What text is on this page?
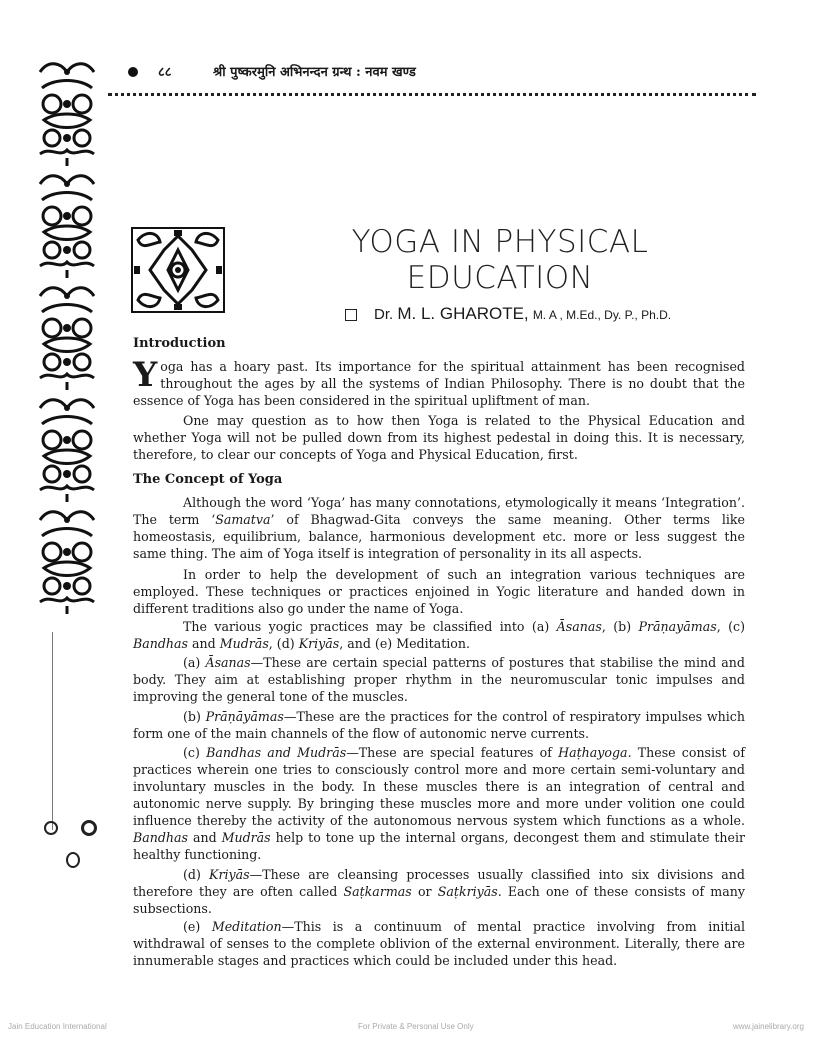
८८	श्री पुष्करमुनि अभिनन्दन ग्रन्थ : नवम खण्ड
YOGA IN PHYSICAL
EDUCATION
Dr. M. L. GHAROTE, M. A , M.Ed., Dy. P., Ph.D.
Introduction
Yoga has a hoary past. Its importance for the spiritual attainment has been recognised throughout the ages by all the systems of Indian Philosophy. There is no doubt that the essence of Yoga has been considered in the spiritual upliftment of man.
One may question as to how then Yoga is related to the Physical Education and whether Yoga will not be pulled down from its highest pedestal in doing this. It is necessary, therefore, to clear our concepts of Yoga and Physical Education, first.
The Concept of Yoga
Although the word ‘Yoga’ has many connotations, etymologically it means ‘Integration’. The term ‘Samatva’ of Bhagwad-Gita conveys the same meaning. Other terms like homeostasis, equilibrium, balance, harmonious development etc. more or less suggest the same thing. The aim of Yoga itself is integration of personality in its all aspects.
In order to help the development of such an integration various techniques are employed. These techniques or practices enjoined in Yogic literature and handed down in different traditions also go under the name of Yoga.
The various yogic practices may be classified into (a) Āsanas, (b) Prāṇayāmas, (c) Bandhas and Mudrās, (d) Kriyās, and (e) Meditation.
(a) Āsanas—These are certain special patterns of postures that stabilise the mind and body. They aim at establishing proper rhythm in the neuromuscular tonic impulses and improving the general tone of the muscles.
(b) Prāṇāyāmas—These are the practices for the control of respiratory impulses which form one of the main channels of the flow of autonomic nerve currents.
(c) Bandhas and Mudrās—These are special features of Haṭhayoga. These consist of practices wherein one tries to consciously control more and more certain semi-voluntary and involuntary muscles in the body. In these muscles there is an integration of central and autonomic nerve supply. By bringing these muscles more and more under volition one could influence thereby the activity of the autonomous nervous system which functions as a whole. Bandhas and Mudrās help to tone up the internal organs, decongest them and stimulate their healthy functioning.
(d) Kriyās—These are cleansing processes usually classified into six divisions and therefore they are often called Saṭkarmas or Saṭkriyās. Each one of these consists of many subsections.
(e) Meditation—This is a continuum of mental practice involving from initial withdrawal of senses to the complete oblivion of the external environment. Literally, there are innumerable stages and practices which could be included under this head.
Jain Education International	For Private & Personal Use Only	www.jainelibrary.org
